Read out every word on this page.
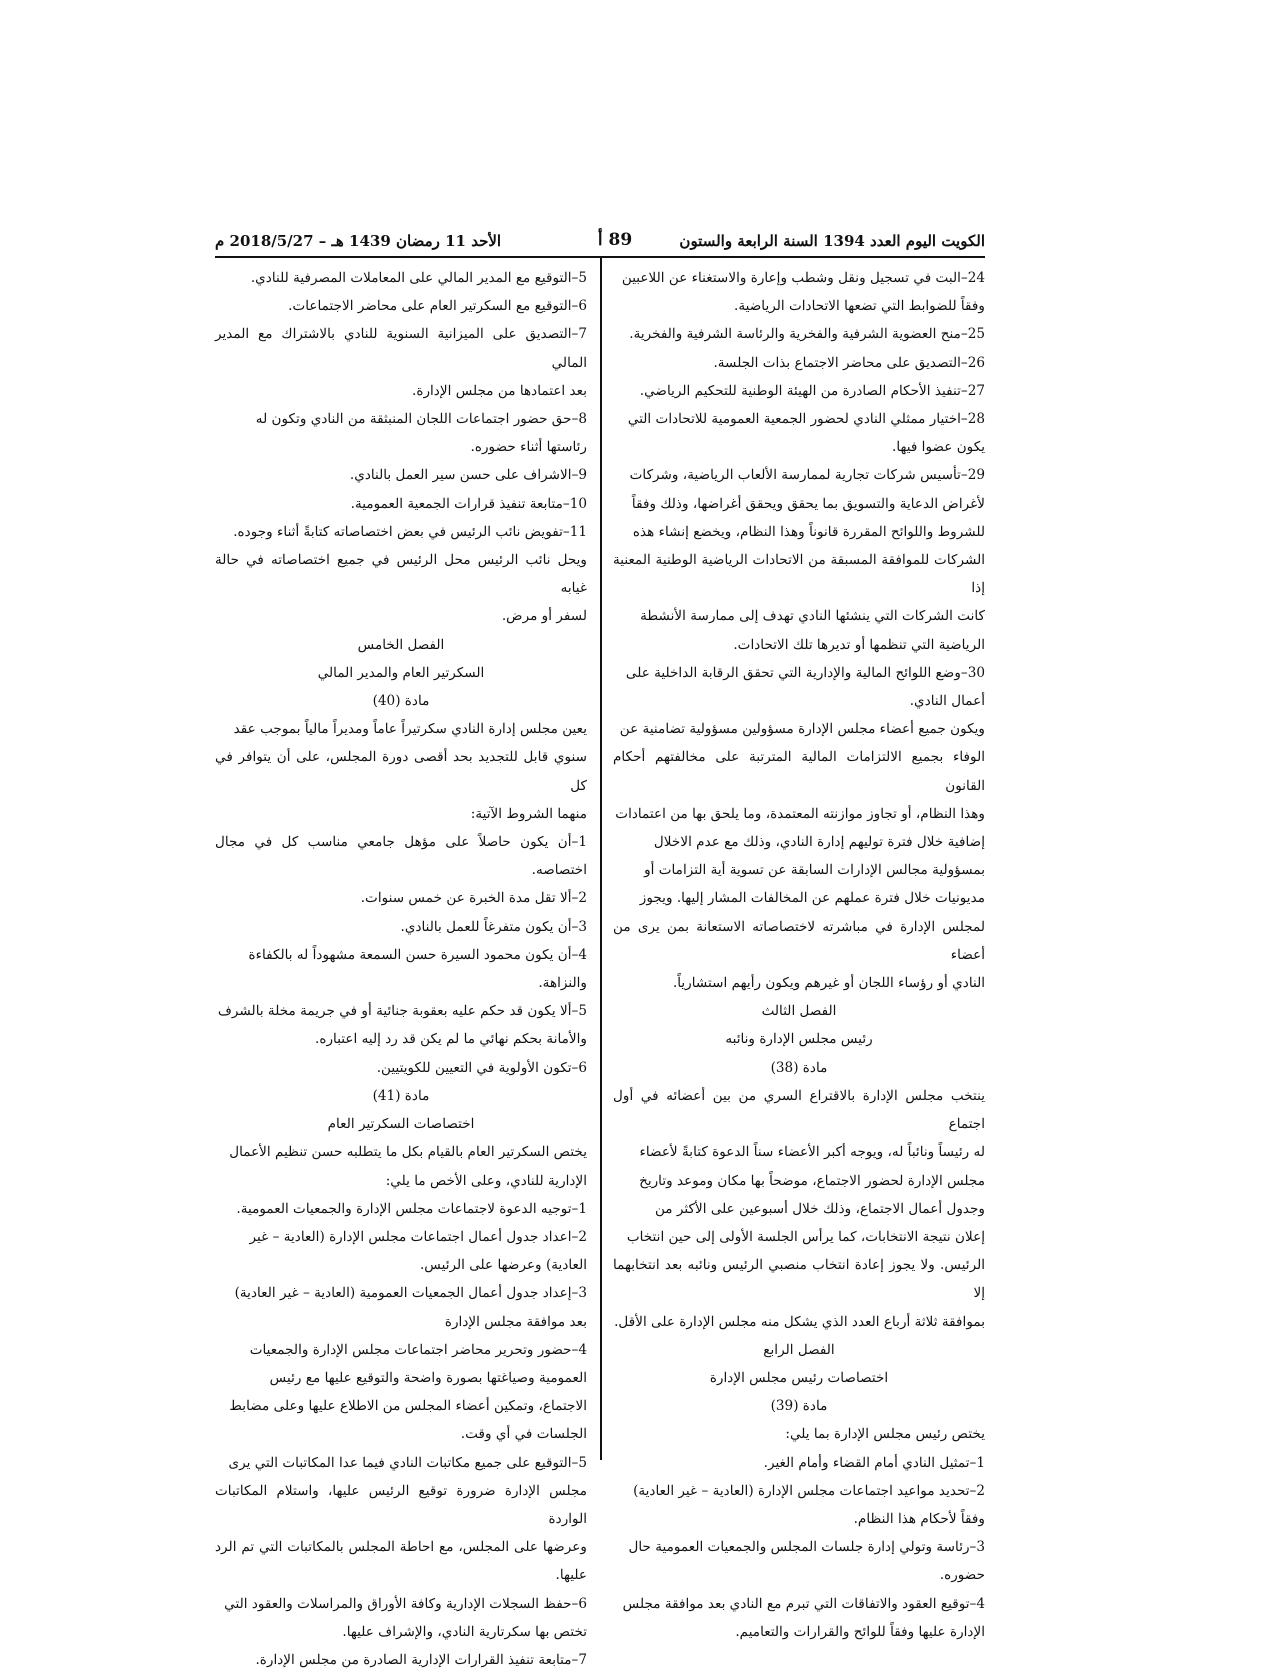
الكويت اليوم العدد 1394 السنة الرابعة والستون
89 أ
الأحد 11 رمضان 1439 هـ – 2018/5/27 م

24–البت في تسجيل ونقل وشطب وإعارة والاستغناء عن اللاعبين

وفقاً للضوابط التي تضعها الاتحادات الرياضية.

25–منح العضوية الشرفية والفخرية والرئاسة الشرفية والفخرية.

26–التصديق على محاضر الاجتماع بذات الجلسة.

27–تنفيذ الأحكام الصادرة من الهيئة الوطنية للتحكيم الرياضي.

28–اختيار ممثلي النادي لحضور الجمعية العمومية للاتحادات التي

يكون عضوا فيها.

29–تأسيس شركات تجارية لممارسة الألعاب الرياضية، وشركات

لأغراض الدعاية والتسويق بما يحقق ويحقق أغراضها، وذلك وفقاً

للشروط واللوائح المقررة قانوناً وهذا النظام، ويخضع إنشاء هذه

الشركات للموافقة المسبقة من الاتحادات الرياضية الوطنية المعنية إذا

كانت الشركات التي ينشئها النادي تهدف إلى ممارسة الأنشطة

الرياضية التي تنظمها أو تديرها تلك الاتحادات.

30–وضع اللوائح المالية والإدارية التي تحقق الرقابة الداخلية على

أعمال النادي.

ويكون جميع أعضاء مجلس الإدارة مسؤولين مسؤولية تضامنية عن

الوفاء بجميع الالتزامات المالية المترتبة على مخالفتهم أحكام القانون

وهذا النظام، أو تجاوز موازنته المعتمدة، وما يلحق بها من اعتمادات

إضافية خلال فترة توليهم إدارة النادي، وذلك مع عدم الاخلال

بمسؤولية مجالس الإدارات السابقة عن تسوية أية التزامات أو

مديونيات خلال فترة عملهم عن المخالفات المشار إليها. ويجوز

لمجلس الإدارة في مباشرته لاختصاصاته الاستعانة بمن يرى من أعضاء

النادي أو رؤساء اللجان أو غيرهم ويكون رأيهم استشارياً.

الفصل الثالث

رئيس مجلس الإدارة ونائبه

مادة (38)

ينتخب مجلس الإدارة بالاقتراع السري من بين أعضائه في أول اجتماع

له رئيساً ونائباً له، ويوجه أكبر الأعضاء سناً الدعوة كتابةً لأعضاء

مجلس الإدارة لحضور الاجتماع، موضحاً بها مكان وموعد وتاريخ

وجدول أعمال الاجتماع، وذلك خلال أسبوعين على الأكثر من

إعلان نتيجة الانتخابات، كما يرأس الجلسة الأولى إلى حين انتخاب

الرئيس. ولا يجوز إعادة انتخاب منصبي الرئيس ونائبه بعد انتخابهما إلا

بموافقة ثلاثة أرباع العدد الذي يشكل منه مجلس الإدارة على الأقل.

الفصل الرابع

اختصاصات رئيس مجلس الإدارة

مادة (39)

يختص رئيس مجلس الإدارة بما يلي:

1–تمثيل النادي أمام القضاء وأمام الغير.

2–تحديد مواعيد اجتماعات مجلس الإدارة (العادية – غير العادية)

وفقاً لأحكام هذا النظام.

3–رئاسة وتولي إدارة جلسات المجلس والجمعيات العمومية حال

حضوره.

4–توقيع العقود والاتفاقات التي تبرم مع النادي بعد موافقة مجلس

الإدارة عليها وفقاً للوائح والقرارات والتعاميم.

5–التوقيع مع المدير المالي على المعاملات المصرفية للنادي.

6–التوقيع مع السكرتير العام على محاضر الاجتماعات.

7–التصديق على الميزانية السنوية للنادي بالاشتراك مع المدير المالي

بعد اعتمادها من مجلس الإدارة.

8–حق حضور اجتماعات اللجان المنبثقة من النادي وتكون له

رئاستها أثناء حضوره.

9–الاشراف على حسن سير العمل بالنادي.

10–متابعة تنفيذ قرارات الجمعية العمومية.

11–تفويض نائب الرئيس في بعض اختصاصاته كتابةً أثناء وجوده.

ويحل نائب الرئيس محل الرئيس في جميع اختصاصاته في حالة غيابه

لسفر أو مرض.

الفصل الخامس

السكرتير العام والمدير المالي

مادة (40)

يعين مجلس إدارة النادي سكرتيراً عاماً ومديراً مالياً بموجب عقد

سنوي قابل للتجديد بحد أقصى دورة المجلس، على أن يتوافر في كل

منهما الشروط الآتية:

1–أن يكون حاصلاً على مؤهل جامعي مناسب كل في مجال اختصاصه.

2–ألا تقل مدة الخبرة عن خمس سنوات.

3–أن يكون متفرغاً للعمل بالنادي.

4–أن يكون محمود السيرة حسن السمعة مشهوداً له بالكفاءة

والنزاهة.

5–ألا يكون قد حكم عليه بعقوبة جنائية أو في جريمة مخلة بالشرف

والأمانة بحكم نهائي ما لم يكن قد رد إليه اعتباره.

6–تكون الأولوية في التعيين للكويتيين.

مادة (41)

اختصاصات السكرتير العام

يختص السكرتير العام بالقيام بكل ما يتطلبه حسن تنظيم الأعمال

الإدارية للنادي، وعلى الأخص ما يلي:

1–توجيه الدعوة لاجتماعات مجلس الإدارة والجمعيات العمومية.

2–اعداد جدول أعمال اجتماعات مجلس الإدارة (العادية – غير

العادية) وعرضها على الرئيس.

3–إعداد جدول أعمال الجمعيات العمومية (العادية – غير العادية)

بعد موافقة مجلس الإدارة

4–حضور وتحرير محاضر اجتماعات مجلس الإدارة والجمعيات

العمومية وصياغتها بصورة واضحة والتوقيع عليها مع رئيس

الاجتماع، وتمكين أعضاء المجلس من الاطلاع عليها وعلى مضابط

الجلسات في أي وقت.

5–التوقيع على جميع مكاتبات النادي فيما عدا المكاتبات التي يرى

مجلس الإدارة ضرورة توقيع الرئيس عليها، واستلام المكاتبات الواردة

وعرضها على المجلس، مع احاطة المجلس بالمكاتبات التي تم الرد عليها.

6–حفظ السجلات الإدارية وكافة الأوراق والمراسلات والعقود التي

تختص بها سكرتارية النادي، والإشراف عليها.

7–متابعة تنفيذ القرارات الإدارية الصادرة من مجلس الإدارة.
